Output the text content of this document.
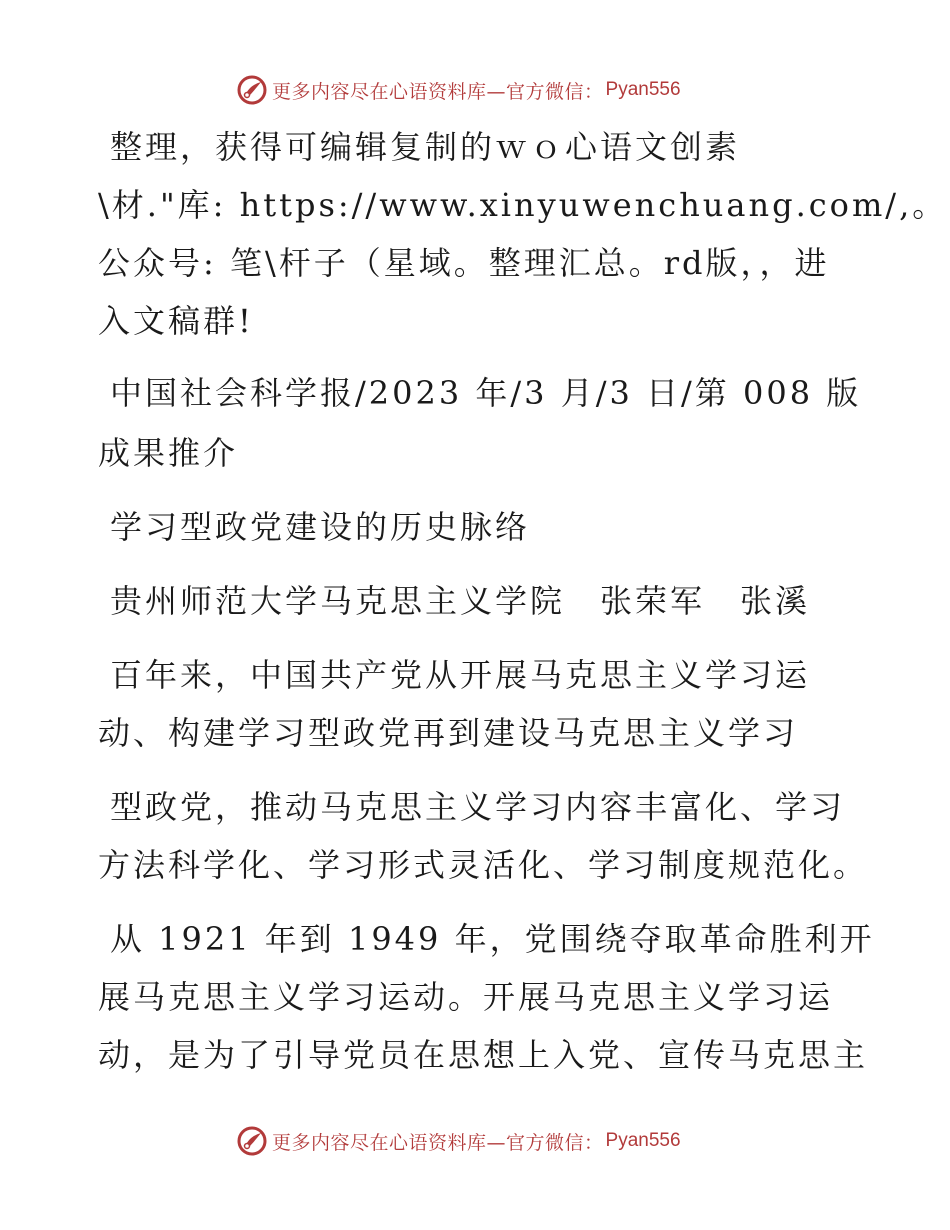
更多内容尽在心语资料库—官方微信： Pyan556
整理，获得可编辑复制的ｗｏ心语文创素
\材."库: https://www.xinyuwenchuang.com/,。
公众号: 笔\杆子（星域。整理汇总。rd版，，进
入文稿群!
中国社会科学报/2023 年/3 月/3 日/第 008 版
成果推介
学习型政党建设的历史脉络
贵州师范大学马克思主义学院　张荣军　张溪
百年来，中国共产党从开展马克思主义学习运
动、构建学习型政党再到建设马克思主义学习
型政党，推动马克思主义学习内容丰富化、学习
方法科学化、学习形式灵活化、学习制度规范化。
从 1921 年到 1949 年，党围绕夺取革命胜利开
展马克思主义学习运动。开展马克思主义学习运
动，是为了引导党员在思想上入党、宣传马克思主
更多内容尽在心语资料库—官方微信： Pyan556
